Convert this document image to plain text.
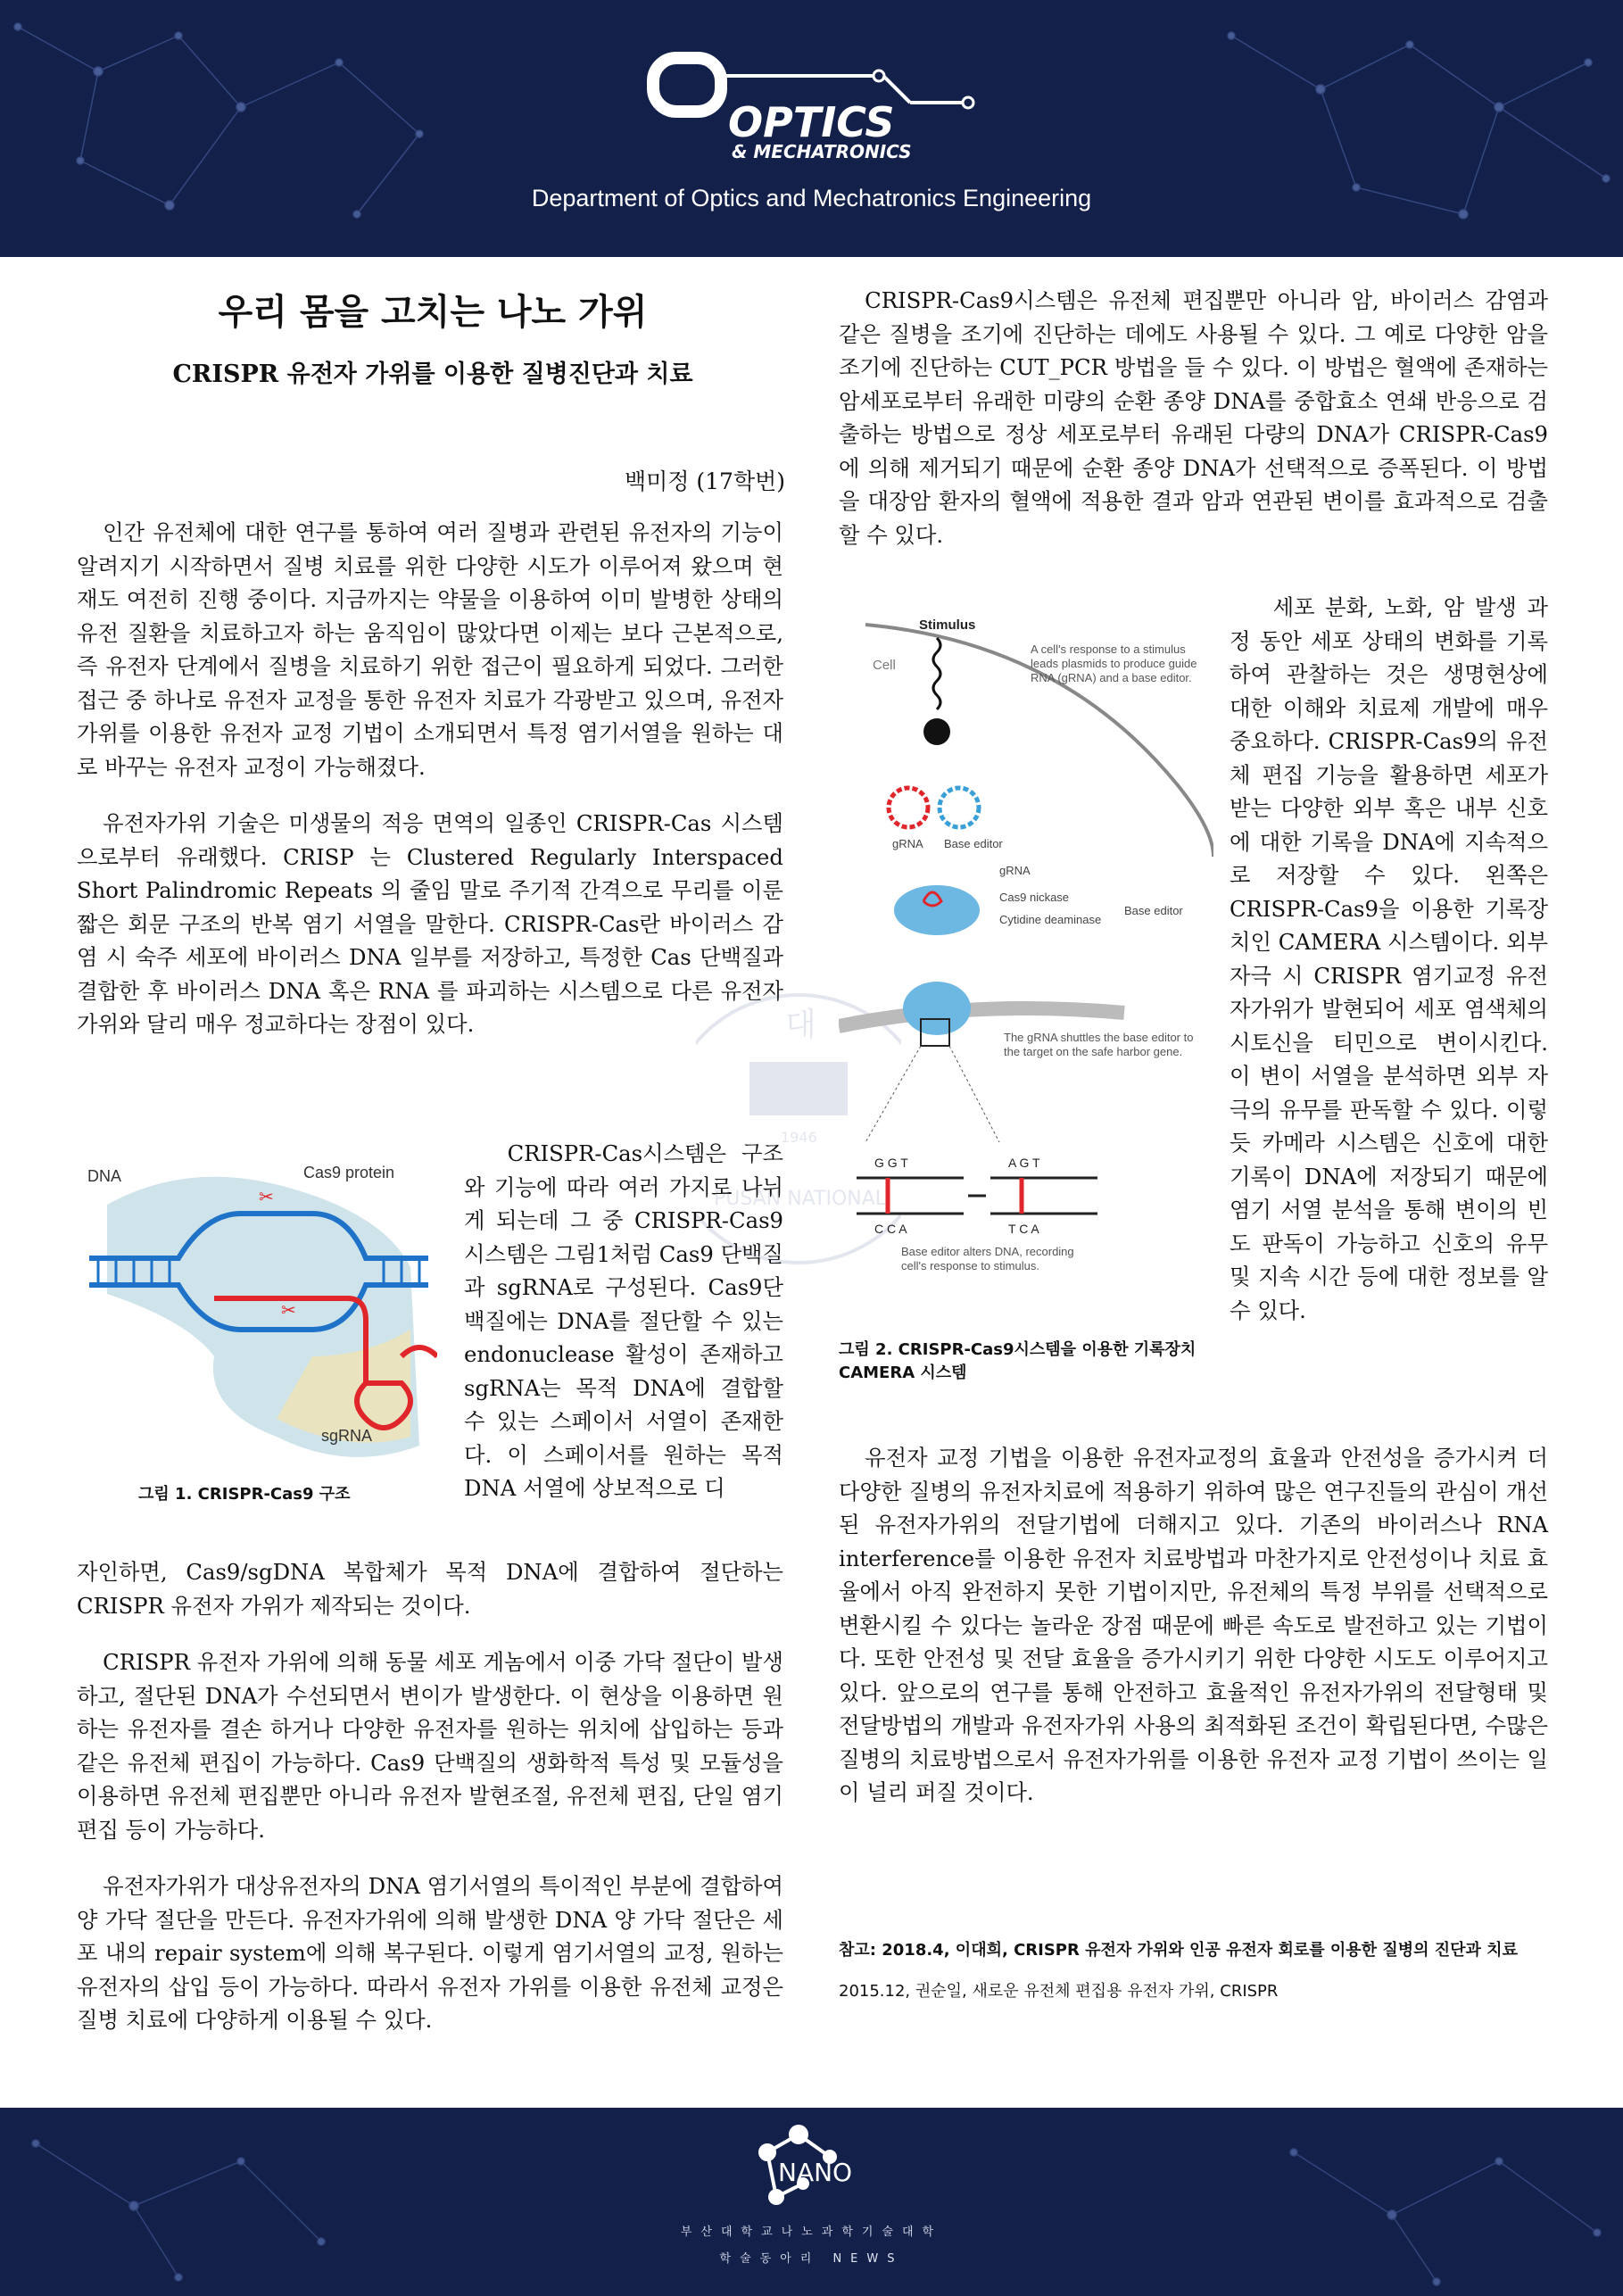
OPTICS
& MECHATRONICS
Department of Optics and Mechatronics Engineering
우리 몸을 고치는 나노 가위
CRISPR 유전자 가위를 이용한 질병진단과 치료
백미정 (17학번)
대
PUSAN NATIONAL
1946

인간 유전체에 대한 연구를 통하여 여러 질병과 관련된 유전자의 기능이 알려지기 시작하면서 질병 치료를 위한 다양한 시도가 이루어져 왔으며 현재도 여전히 진행 중이다. 지금까지는 약물을 이용하여 이미 발병한 상태의 유전 질환을 치료하고자 하는 움직임이 많았다면 이제는 보다 근본적으로, 즉 유전자 단계에서 질병을 치료하기 위한 접근이 필요하게 되었다. 그러한 접근 중 하나로 유전자 교정을 통한 유전자 치료가 각광받고 있으며, 유전자 가위를 이용한 유전자 교정 기법이 소개되면서 특정 염기서열을 원하는 대로 바꾸는 유전자 교정이 가능해졌다.

유전자가위 기술은 미생물의 적응 면역의 일종인 CRISPR-Cas 시스템으로부터 유래했다. CRISP 는 Clustered Regularly Interspaced Short Palindromic Repeats 의 줄임 말로 주기적 간격으로 무리를 이룬 짧은 회문 구조의 반복 염기 서열을 말한다. CRISPR-Cas란 바이러스 감염 시 숙주 세포에 바이러스 DNA 일부를 저장하고, 특정한 Cas 단백질과 결합한 후 바이러스 DNA 혹은 RNA 를 파괴하는 시스템으로 다른 유전자 가위와 달리 매우 정교하다는 장점이 있다.

DNA	Cas9 protein
sgRNA
✂
✂
그림 1. CRISPR-Cas9 구조

CRISPR-Cas시스템은 구조와 기능에 따라 여러 가지로 나뉘게 되는데 그 중 CRISPR-Cas9시스템은 그림1처럼 Cas9 단백질과 sgRNA로 구성된다. Cas9단백질에는 DNA를 절단할 수 있는 endonuclease 활성이 존재하고 sgRNA는 목적 DNA에 결합할 수 있는 스페이서 서열이 존재한다. 이 스페이서를 원하는 목적 DNA 서열에 상보적으로 디

자인하면, Cas9/sgDNA 복합체가 목적 DNA에 결합하여 절단하는 CRISPR 유전자 가위가 제작되는 것이다.

CRISPR 유전자 가위에 의해 동물 세포 게놈에서 이중 가닥 절단이 발생하고, 절단된 DNA가 수선되면서 변이가 발생한다. 이 현상을 이용하면 원하는 유전자를 결손 하거나 다양한 유전자를 원하는 위치에 삽입하는 등과 같은 유전체 편집이 가능하다. Cas9 단백질의 생화학적 특성 및 모듈성을 이용하면 유전체 편집뿐만 아니라 유전자 발현조절, 유전체 편집, 단일 염기 편집 등이 가능하다.

유전자가위가 대상유전자의 DNA 염기서열의 특이적인 부분에 결합하여 양 가닥 절단을 만든다. 유전자가위에 의해 발생한 DNA 양 가닥 절단은 세포 내의 repair system에 의해 복구된다. 이렇게 염기서열의 교정, 원하는 유전자의 삽입 등이 가능하다. 따라서 유전자 가위를 이용한 유전체 교정은 질병 치료에 다양하게 이용될 수 있다.

CRISPR-Cas9시스템은 유전체 편집뿐만 아니라 암, 바이러스 감염과 같은 질병을 조기에 진단하는 데에도 사용될 수 있다. 그 예로 다양한 암을 조기에 진단하는 CUT_PCR 방법을 들 수 있다. 이 방법은 혈액에 존재하는 암세포로부터 유래한 미량의 순환 종양 DNA를 중합효소 연쇄 반응으로 검출하는 방법으로 정상 세포로부터 유래된 다량의 DNA가 CRISPR-Cas9에 의해 제거되기 때문에 순환 종양 DNA가 선택적으로 증폭된다. 이 방법을 대장암 환자의 혈액에 적용한 결과 암과 연관된 변이를 효과적으로 검출할 수 있다.

Stimulus
Cell
A cell's response to a stimulus leads plasmids to produce guide RNA (gRNA) and a base editor.
gRNA Base editor
gRNA
Cas9 nickase
Cytidine deaminase
Base editor
The gRNA shuttles the base editor to the target on the safe harbor gene.
G G T
C C A
A G T
T C A
Base editor alters DNA, recording cell's response to stimulus.
그림 2. CRISPR-Cas9시스템을 이용한 기록장치 CAMERA 시스템

세포 분화, 노화, 암 발생 과정 동안 세포 상태의 변화를 기록하여 관찰하는 것은 생명현상에 대한 이해와 치료제 개발에 매우 중요하다. CRISPR-Cas9의 유전체 편집 기능을 활용하면 세포가 받는 다양한 외부 혹은 내부 신호에 대한 기록을 DNA에 지속적으로 저장할 수 있다. 왼쪽은 CRISPR-Cas9을 이용한 기록장치인 CAMERA 시스템이다. 외부 자극 시 CRISPR 염기교정 유전자가위가 발현되어 세포 염색체의 시토신을 티민으로 변이시킨다. 이 변이 서열을 분석하면 외부 자극의 유무를 판독할 수 있다. 이렇듯 카메라 시스템은 신호에 대한 기록이 DNA에 저장되기 때문에 염기 서열 분석을 통해 변이의 빈도 판독이 가능하고 신호의 유무 및 지속 시간 등에 대한 정보를 알 수 있다.

유전자 교정 기법을 이용한 유전자교정의 효율과 안전성을 증가시켜 더 다양한 질병의 유전자치료에 적용하기 위하여 많은 연구진들의 관심이 개선된 유전자가위의 전달기법에 더해지고 있다. 기존의 바이러스나 RNA interference를 이용한 유전자 치료방법과 마찬가지로 안전성이나 치료 효율에서 아직 완전하지 못한 기법이지만, 유전체의 특정 부위를 선택적으로 변환시킬 수 있다는 놀라운 장점 때문에 빠른 속도로 발전하고 있는 기법이다. 또한 안전성 및 전달 효율을 증가시키기 위한 다양한 시도도 이루어지고 있다. 앞으로의 연구를 통해 안전하고 효율적인 유전자가위의 전달형태 및 전달방법의 개발과 유전자가위 사용의 최적화된 조건이 확립된다면, 수많은 질병의 치료방법으로서 유전자가위를 이용한 유전자 교정 기법이 쓰이는 일이 널리 퍼질 것이다.

참고: 2018.4, 이대희, CRISPR 유전자 가위와 인공 유전자 회로를 이용한 질병의 진단과 치료
2015.12, 권순일, 새로운 유전체 편집용 유전자 가위, CRISPR
NANO
부산대학교나노과학기술대학
학술동아리 NEWS
